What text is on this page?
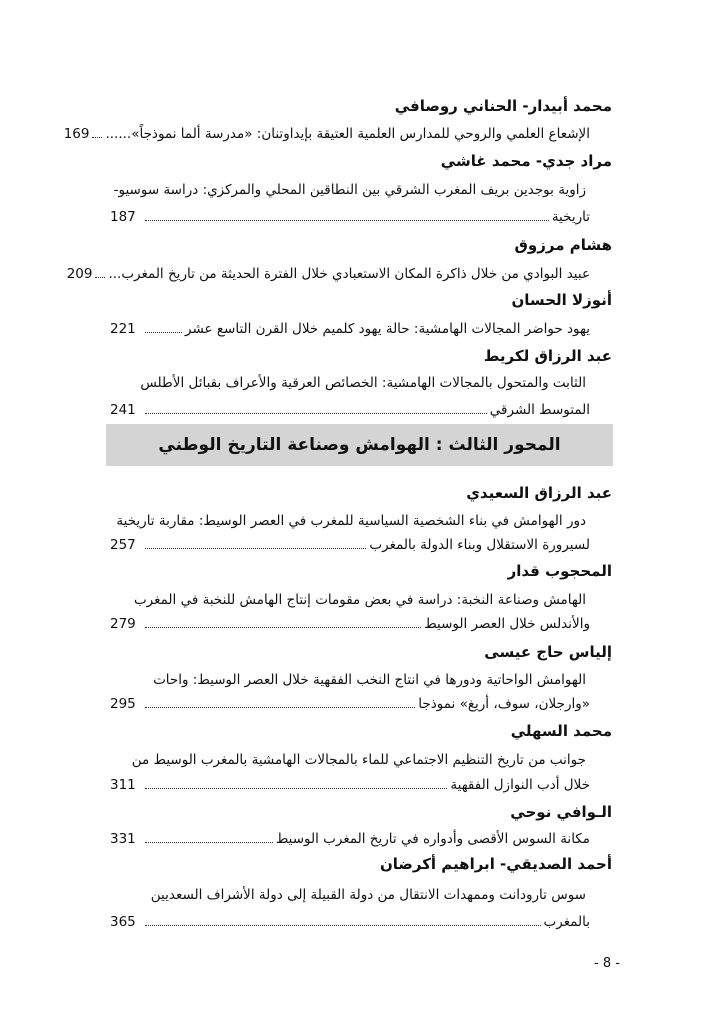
محمد أبيدار- الحناني روصافي
الإشعاع العلمي والروحي للمدارس العلمية العتيقة بإيداوتنان: «مدرسة ألما نموذجاً»......
169
مراد جدي- محمد غاشي
زاوية بوجدين بريف المغرب الشرقي بين النطاقين المحلي والمركزي: دراسة سوسيو-
تاريخية
187
هشام مرزوق
عبيد البوادي من خلال ذاكرة المكان الاستعبادي خلال الفترة الحديثة من تاريخ المغرب...
209
أنوزلا الحسان
يهود حواضر المجالات الهامشية: حالة يهود كلميم خلال القرن التاسع عشر
221
عبد الرزاق لكريط
الثابت والمتحول بالمجالات الهامشية: الخصائص العرقية والأعراف بقبائل الأطلس
المتوسط الشرقي
241
المحور الثالث : الهوامش وصناعة التاريخ الوطني
عبد الرزاق السعيدي
دور الهوامش في بناء الشخصية السياسية للمغرب في العصر الوسيط: مقاربة تاريخية
لسيرورة الاستقلال وبناء الدولة بالمغرب
257
المحجوب قدار
الهامش وصناعة النخبة: دراسة في بعض مقومات إنتاج الهامش للنخبة في المغرب
والأندلس خلال العصر الوسيط
279
إلياس حاج عيسى
الهوامش الواحاتية ودورها في انتاج النخب الفقهية خلال العصر الوسيط: واحات
«وارجلان، سوف، أريغ» نموذجا
295
محمد السهلي
جوانب من تاريخ التنظيم الاجتماعي للماء بالمجالات الهامشية بالمغرب الوسيط من
خلال أدب النوازل الفقهية
311
الـوافي نوحي
مكانة السوس الأقصى وأدواره في تاريخ المغرب الوسيط
331
أحمد الصديقي- ابراهيم أكرضان
سوس تارودانت وممهدات الانتقال من دولة القبيلة إلى دولة الأشراف السعديين
بالمغرب
365
- 8 -
